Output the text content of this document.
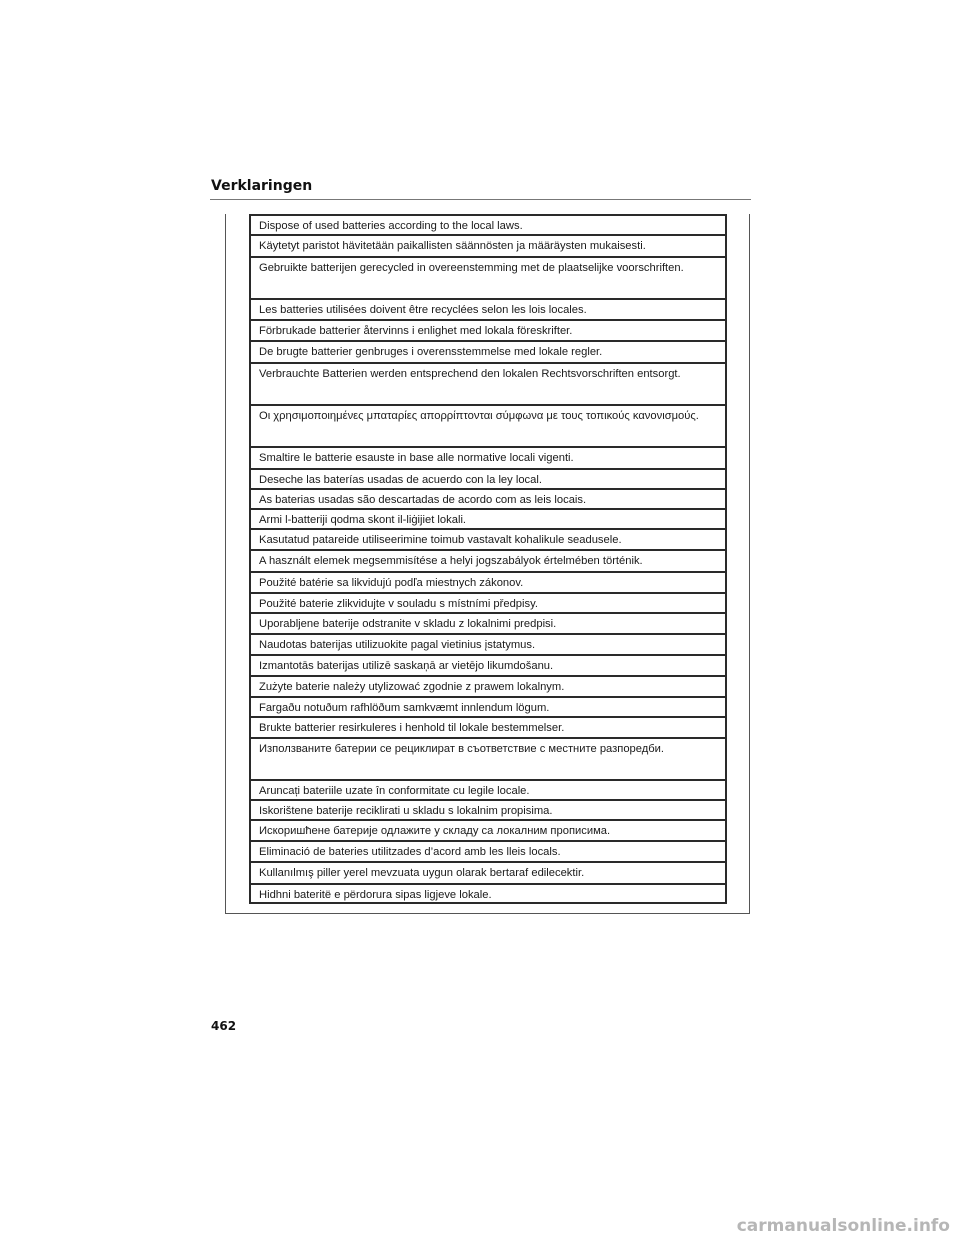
Verklaringen
Dispose of used batteries according to the local laws.
Käytetyt paristot hävitetään paikallisten säännösten ja määräysten mukaisesti.
Gebruikte batterijen gerecycled in overeenstemming met de plaatselijke voorschriften.
Les batteries utilisées doivent être recyclées selon les lois locales.
Förbrukade batterier återvinns i enlighet med lokala föreskrifter.
De brugte batterier genbruges i overensstemmelse med lokale regler.
Verbrauchte Batterien werden entsprechend den lokalen Rechtsvorschriften entsorgt.
Οι χρησιμοποιημένες μπαταρίες απορρίπτονται σύμφωνα με τους τοπικούς κανονισμούς.
Smaltire le batterie esauste in base alle normative locali vigenti.
Deseche las baterías usadas de acuerdo con la ley local.
As baterias usadas são descartadas de acordo com as leis locais.
Armi l-batteriji qodma skont il-liġijiet lokali.
Kasutatud patareide utiliseerimine toimub vastavalt kohalikule seadusele.
A használt elemek megsemmisítése a helyi jogszabályok értelmében történik.
Použité batérie sa likvidujú podľa miestnych zákonov.
Použité baterie zlikvidujte v souladu s místními předpisy.
Uporabljene baterije odstranite v skladu z lokalnimi predpisi.
Naudotas baterijas utilizuokite pagal vietinius įstatymus.
Izmantotās baterijas utilizē saskaņā ar vietējo likumdošanu.
Zużyte baterie należy utylizować zgodnie z prawem lokalnym.
Fargaðu notuðum rafhlöðum samkvæmt innlendum lögum.
Brukte batterier resirkuleres i henhold til lokale bestemmelser.
Използваните батерии се рециклират в съответствие с местните разпоредби.
Aruncați bateriile uzate în conformitate cu legile locale.
Iskorištene baterije reciklirati u skladu s lokalnim propisima.
Искоришћене батерије одлажите у складу са локалним прописима.
Eliminació de bateries utilitzades d’acord amb les lleis locals.
Kullanılmış piller yerel mevzuata uygun olarak bertaraf edilecektir.
Hidhni bateritë e përdorura sipas ligjeve lokale.
462
carmanualsonline.info
